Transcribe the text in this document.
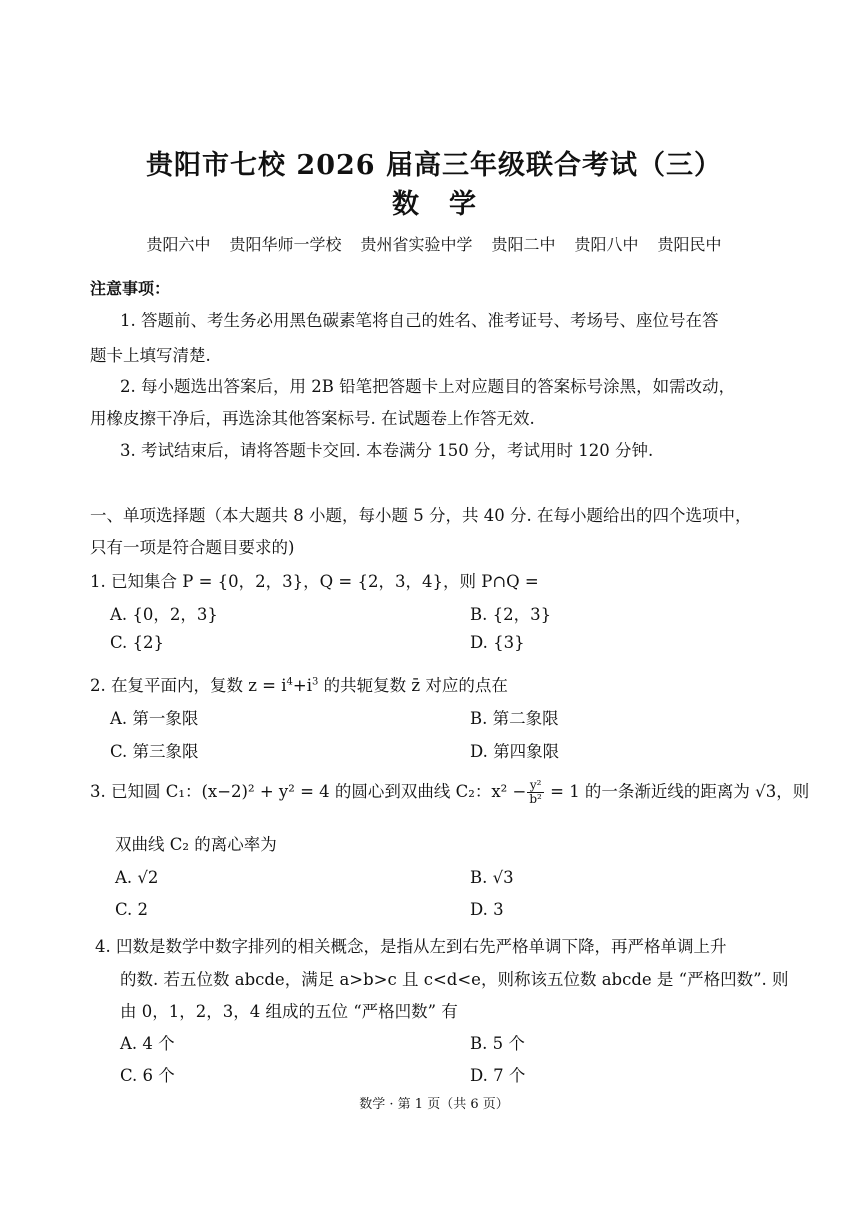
贵阳市七校 2026 届高三年级联合考试（三）
数学
贵阳六中 贵阳华师一学校 贵州省实验中学 贵阳二中 贵阳八中 贵阳民中
注意事项：
1. 答题前、考生务必用黑色碳素笔将自己的姓名、准考证号、考场号、座位号在答
题卡上填写清楚.
2. 每小题选出答案后，用 2B 铅笔把答题卡上对应题目的答案标号涂黑，如需改动，
用橡皮擦干净后，再选涂其他答案标号. 在试题卷上作答无效.
3. 考试结束后，请将答题卡交回. 本卷满分 150 分，考试用时 120 分钟.
一、单项选择题（本大题共 8 小题，每小题 5 分，共 40 分. 在每小题给出的四个选项中，
只有一项是符合题目要求的)
1. 已知集合 P = {0，2，3}，Q = {2，3，4}，则 P∩Q =
A. {0，2，3}	B. {2，3}
C. {2}	D. {3}
2. 在复平面内，复数 $z = i^4+i^3$ 的共轭复数 z̄ 对应的点在
A. 第一象限	B. 第二象限
C. 第三象限	D. 第四象限
3. 已知圆 C₁：(x−2)² + y² = 4 的圆心到双曲线 C₂：$x^2 - \frac{\text{y²}}{\text{b²}} = 1$ 的一条渐近线的距离为 √3，则
双曲线 C₂ 的离心率为
A. √2	B. √3
C. 2	D. 3
4. 凹数是数学中数字排列的相关概念，是指从左到右先严格单调下降，再严格单调上升
的数. 若五位数 abcde，满足 a>b>c 且 c<d<e，则称该五位数 abcde 是 “严格凹数”. 则
由 0，1，2，3，4 组成的五位 “严格凹数” 有
A. 4 个	B. 5 个
C. 6 个	D. 7 个
数学 · 第 1 页（共 6 页）
